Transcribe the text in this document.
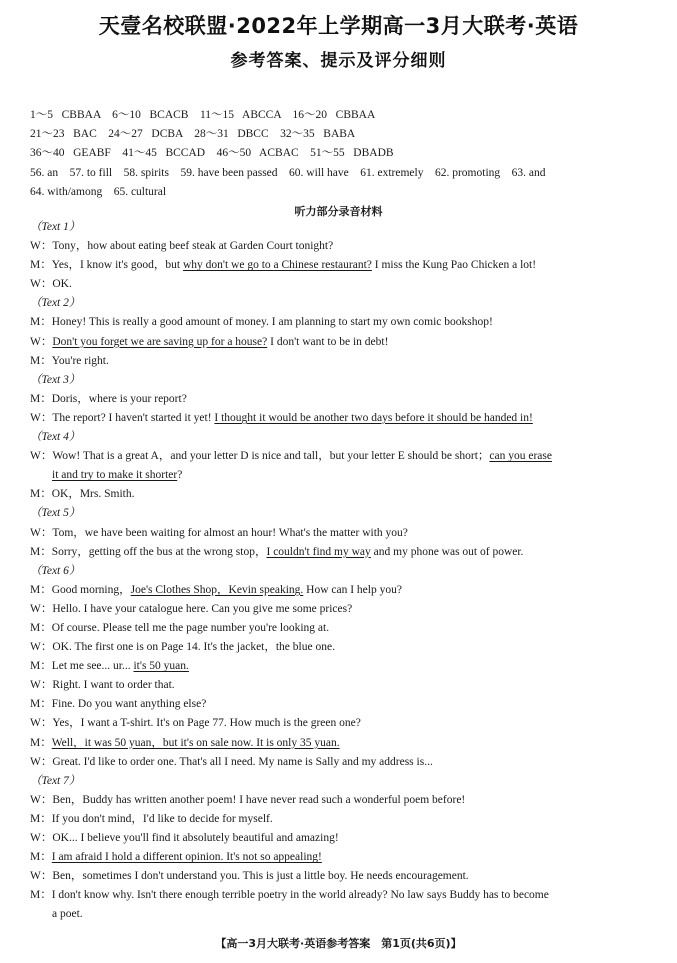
天壹名校联盟·2022年上学期高一3月大联考·英语
参考答案、提示及评分细则
1～5   CBBAA    6～10   BCACB    11～15   ABCCA    16～20   CBBAA
21～23   BAC    24～27   DCBA    28～31   DBCC    32～35   BABA
36～40   GEABF    41～45   BCCAD    46～50   ACBAC    51～55   DBADB
56. an    57. to fill    58. spirits    59. have been passed    60. will have    61. extremely    62. promoting    63. and
64. with/among    65. cultural
听力部分录音材料
（Text 1）
W：Tony，how about eating beef steak at Garden Court tonight?
M：Yes，I know it's good，but why don't we go to a Chinese restaurant? I miss the Kung Pao Chicken a lot!
W：OK.
（Text 2）
M：Honey! This is really a good amount of money. I am planning to start my own comic bookshop!
W：Don't you forget we are saving up for a house? I don't want to be in debt!
M：You're right.
（Text 3）
M：Doris，where is your report?
W：The report? I haven't started it yet! I thought it would be another two days before it should be handed in!
（Text 4）
W：Wow! That is a great A，and your letter D is nice and tall，but your letter E should be short；can you erase
it and try to make it shorter?
M：OK，Mrs. Smith.
（Text 5）
W：Tom，we have been waiting for almost an hour! What's the matter with you?
M：Sorry，getting off the bus at the wrong stop，I couldn't find my way and my phone was out of power.
（Text 6）
M：Good morning，Joe's Clothes Shop，Kevin speaking. How can I help you?
W：Hello. I have your catalogue here. Can you give me some prices?
M：Of course. Please tell me the page number you're looking at.
W：OK. The first one is on Page 14. It's the jacket，the blue one.
M：Let me see... ur... it's 50 yuan.
W：Right. I want to order that.
M：Fine. Do you want anything else?
W：Yes，I want a T-shirt. It's on Page 77. How much is the green one?
M：Well，it was 50 yuan，but it's on sale now. It is only 35 yuan.
W：Great. I'd like to order one. That's all I need. My name is Sally and my address is...
（Text 7）
W：Ben，Buddy has written another poem! I have never read such a wonderful poem before!
M：If you don't mind，I'd like to decide for myself.
W：OK... I believe you'll find it absolutely beautiful and amazing!
M：I am afraid I hold a different opinion. It's not so appealing!
W：Ben，sometimes I don't understand you. This is just a little boy. He needs encouragement.
M：I don't know why. Isn't there enough terrible poetry in the world already? No law says Buddy has to become
a poet.
【高一3月大联考·英语参考答案　第1页(共6页)】
